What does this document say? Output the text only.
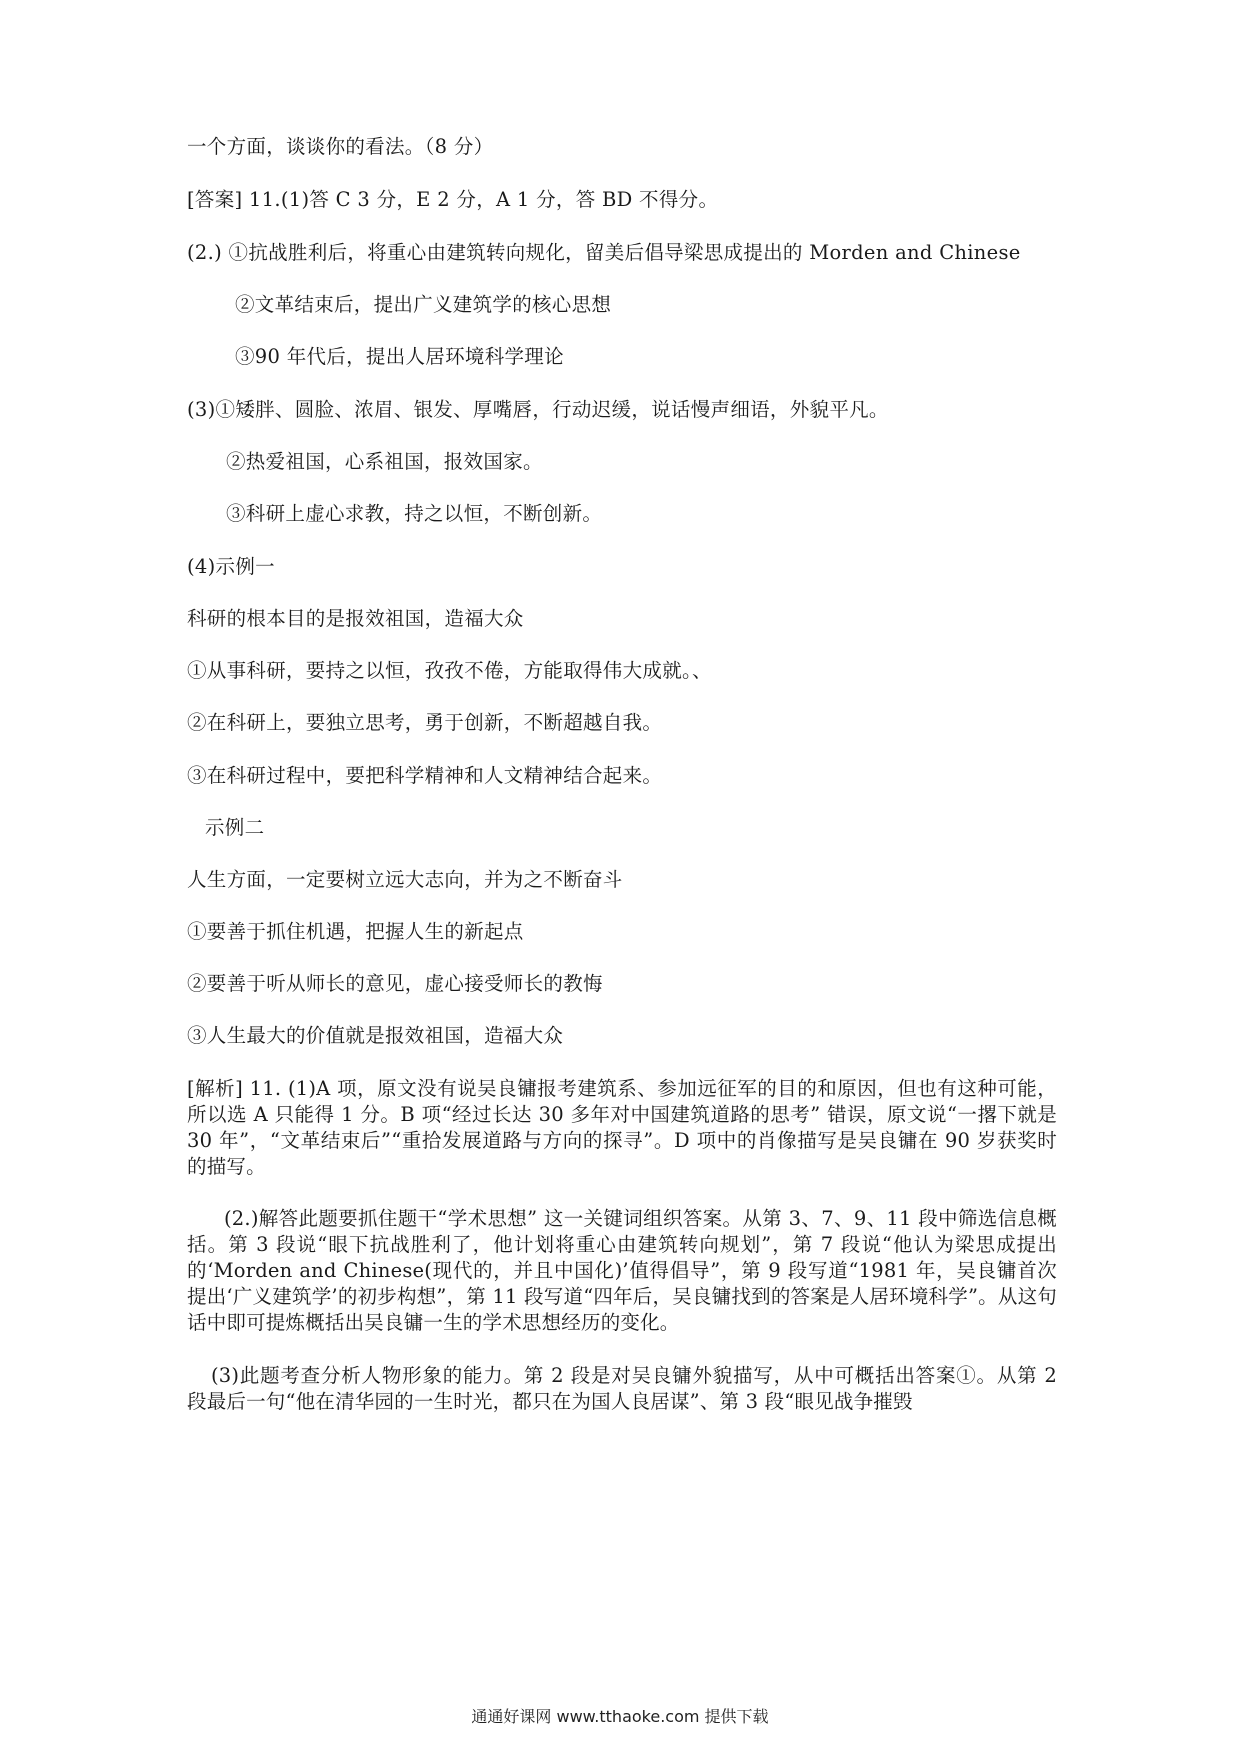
一个方面，谈谈你的看法。（8 分）
[答案] 11.(1)答 C 3 分，E 2 分，A 1 分，答 BD 不得分。
(2.) ①抗战胜利后，将重心由建筑转向规化，留美后倡导梁思成提出的 Morden and Chinese
②文革结束后，提出广义建筑学的核心思想
③90 年代后，提出人居环境科学理论
(3)①矮胖、圆脸、浓眉、银发、厚嘴唇，行动迟缓，说话慢声细语，外貌平凡。
②热爱祖国，心系祖国，报效国家。
③科研上虚心求教，持之以恒，不断创新。
(4)示例一
科研的根本目的是报效祖国，造福大众
①从事科研，要持之以恒，孜孜不倦，方能取得伟大成就。、
②在科研上，要独立思考，勇于创新，不断超越自我。
③在科研过程中，要把科学精神和人文精神结合起来。
示例二
人生方面，一定要树立远大志向，并为之不断奋斗
①要善于抓住机遇，把握人生的新起点
②要善于听从师长的意见，虚心接受师长的教悔
③人生最大的价值就是报效祖国，造福大众
[解析] 11. (1)A 项，原文没有说吴良镛报考建筑系、参加远征军的目的和原因，但也有这种可能，所以选 A 只能得 1 分。B 项“经过长达 30 多年对中国建筑道路的思考” 错误，原文说“一撂下就是 30 年”，“文革结束后”“重拾发展道路与方向的探寻”。D 项中的肖像描写是吴良镛在 90 岁获奖时的描写。
(2.)解答此题要抓住题干“学术思想” 这一关键词组织答案。从第 3、7、9、11 段中筛选信息概括。第 3 段说“眼下抗战胜利了，他计划将重心由建筑转向规划”，第 7 段说“他认为梁思成提出的‘Morden and Chinese(现代的，并且中国化)’值得倡导”，第 9 段写道“1981 年，吴良镛首次提出‘广义建筑学’的初步构想”，第 11 段写道“四年后，吴良镛找到的答案是人居环境科学”。从这句话中即可提炼概括出吴良镛一生的学术思想经历的变化。
(3)此题考查分析人物形象的能力。第 2 段是对吴良镛外貌描写，从中可概括出答案①。从第 2 段最后一句“他在清华园的一生时光，都只在为国人良居谋”、第 3 段“眼见战争摧毁
通通好课网 www.tthaoke.com 提供下载
